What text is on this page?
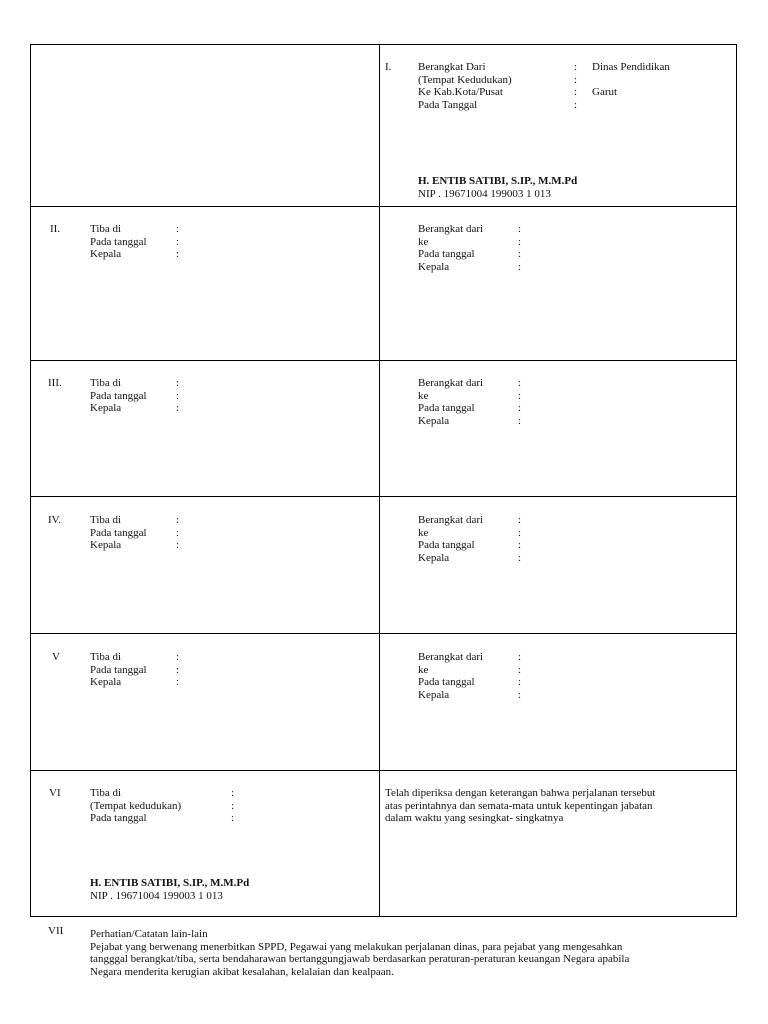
I. Berangkat Dari	: Dinas Pendidikan
(Tempat Kedudukan)	:
Ke Kab.Kota/Pusat	: Garut
Pada Tanggal	:
H. ENTIB SATIBI, S.IP., M.M.Pd
NIP . 19671004 199003 1 013
II.	Tiba di	:
Pada tanggal	:
Kepala	:
Berangkat dari	:
ke	:
Pada tanggal	:
Kepala	:
III.	Tiba di	:
Pada tanggal	:
Kepala	:
Berangkat dari	:
ke	:
Pada tanggal	:
Kepala	:
IV.	Tiba di	:
Pada tanggal	:
Kepala	:
Berangkat dari	:
ke	:
Pada tanggal	:
Kepala	:
V	Tiba di	:
Pada tanggal	:
Kepala	:
Berangkat dari	:
ke	:
Pada tanggal	:
Kepala	:
VI	Tiba di	:
(Tempat kedudukan)	:
Pada tanggal	:
H. ENTIB SATIBI, S.IP., M.M.Pd
NIP . 19671004 199003 1 013
Telah diperiksa dengan keterangan bahwa perjalanan tersebut
atas perintahnya dan semata-mata untuk kepentingan jabatan
dalam waktu yang sesingkat- singkatnya
VII Perhatian/Catatan lain-lain
Pejabat yang berwenang menerbitkan SPPD, Pegawai yang melakukan perjalanan dinas, para pejabat yang mengesahkan
tangggal berangkat/tiba, serta bendaharawan bertanggungjawab berdasarkan peraturan-peraturan keuangan Negara apabila
Negara menderita kerugian akibat kesalahan, kelalaian dan kealpaan.
